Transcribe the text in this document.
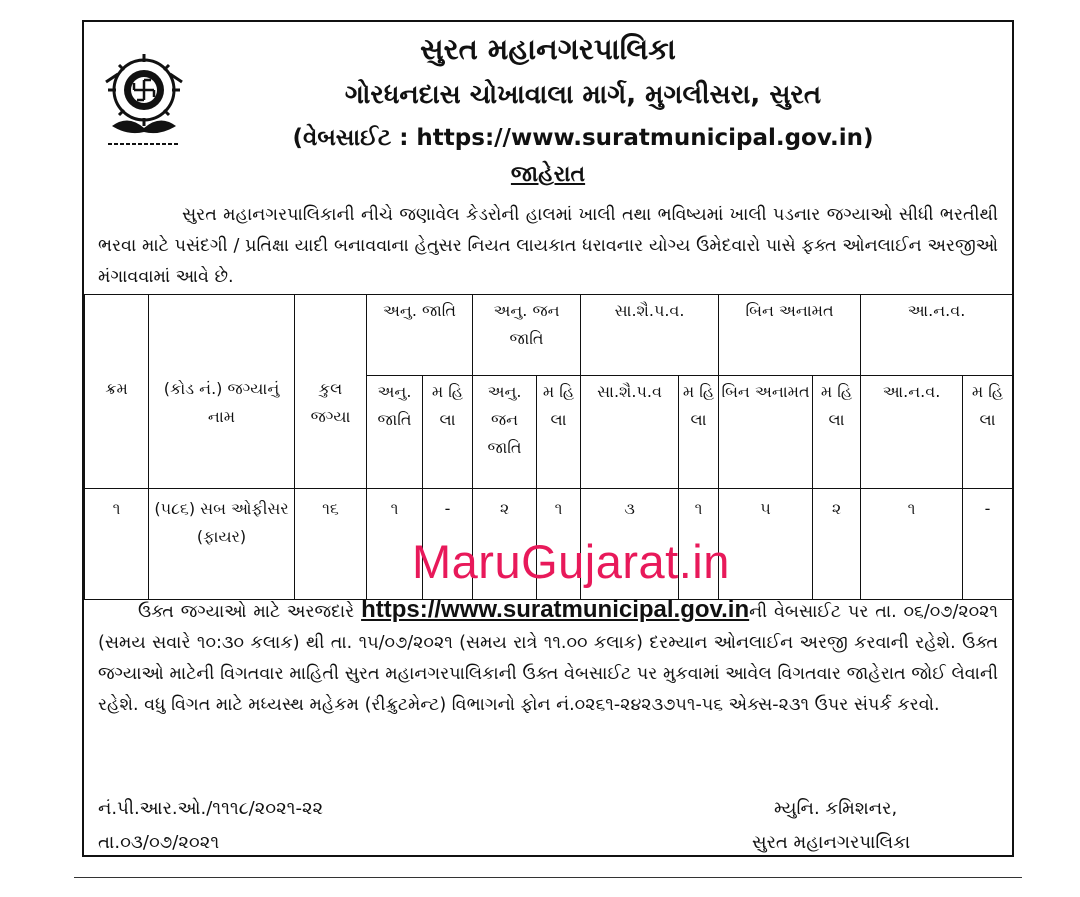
સુરત મહાનગરપાલિકા
ગોરધનદાસ ચોખાવાલા માર્ગ, મુગલીસરા, સુરત
(વેબસાઈટ : https://www.suratmunicipal.gov.in)
જાહેરાત
સુરત મહાનગરપાલિકાની નીચે જણાવેલ કેડરોની હાલમાં ખાલી તથા ભવિષ્યમાં ખાલી પડનાર જગ્યાઓ સીધી ભરતીથી ભરવા માટે પસંદગી / પ્રતિક્ષા યાદી બનાવવાના હેતુસર નિયત લાયકાત ધરાવનાર યોગ્ય ઉમેદવારો પાસે ફક્ત ઓનલાઈન અરજીઓ મંગાવવામાં આવે છે.
ક્રમ	(કોડ નં.) જગ્યાનું નામ	કુલ જગ્યા	અનુ. જાતિ		અનુ. જન જાતિ		સા.શૈ.પ.વ.		બિન અનામત		આ.ન.વ.	
			અનુ. જાતિ	મ હિ લા	અનુ. જન જાતિ	મ હિ લા	સા.શૈ.પ.વ	મ હિ લા	બિન અનામત	મ હિ લા	આ.ન.વ.	મ હિ લા
૧	(૫૮૬) સબ ઓફીસર (ફાયર)	૧૬	૧	-	૨	૧	૩	૧	૫	૨	૧	-
MaruGujarat.in
ઉક્ત જગ્યાઓ માટે અરજદારે https://www.suratmunicipal.gov.inની વેબસાઈટ પર તા. ૦૬/૦૭/૨૦૨૧ (સમય સવારે ૧૦:૩૦ કલાક) થી તા. ૧૫/૦૭/૨૦૨૧ (સમય રાત્રે ૧૧.૦૦ કલાક) દરમ્યાન ઓનલાઈન અરજી કરવાની રહેશે. ઉક્ત જગ્યાઓ માટેની વિગતવાર માહિતી સુરત મહાનગરપાલિકાની ઉક્ત વેબસાઈટ પર મુકવામાં આવેલ વિગતવાર જાહેરાત જોઈ લેવાની રહેશે. વધુ વિગત માટે મધ્યસ્થ મહેકમ (રીક્રુટમેન્ટ) વિભાગનો ફોન નં.૦૨૬૧-૨૪૨૩૭૫૧-૫૬ એક્સ-૨૩૧ ઉપર સંપર્ક કરવો.
નં.પી.આર.ઓ./૧૧૧૮/૨૦૨૧-૨૨
તા.૦૩/૦૭/૨૦૨૧
મ્યુનિ. કમિશનર,
સુરત મહાનગરપાલિકા
